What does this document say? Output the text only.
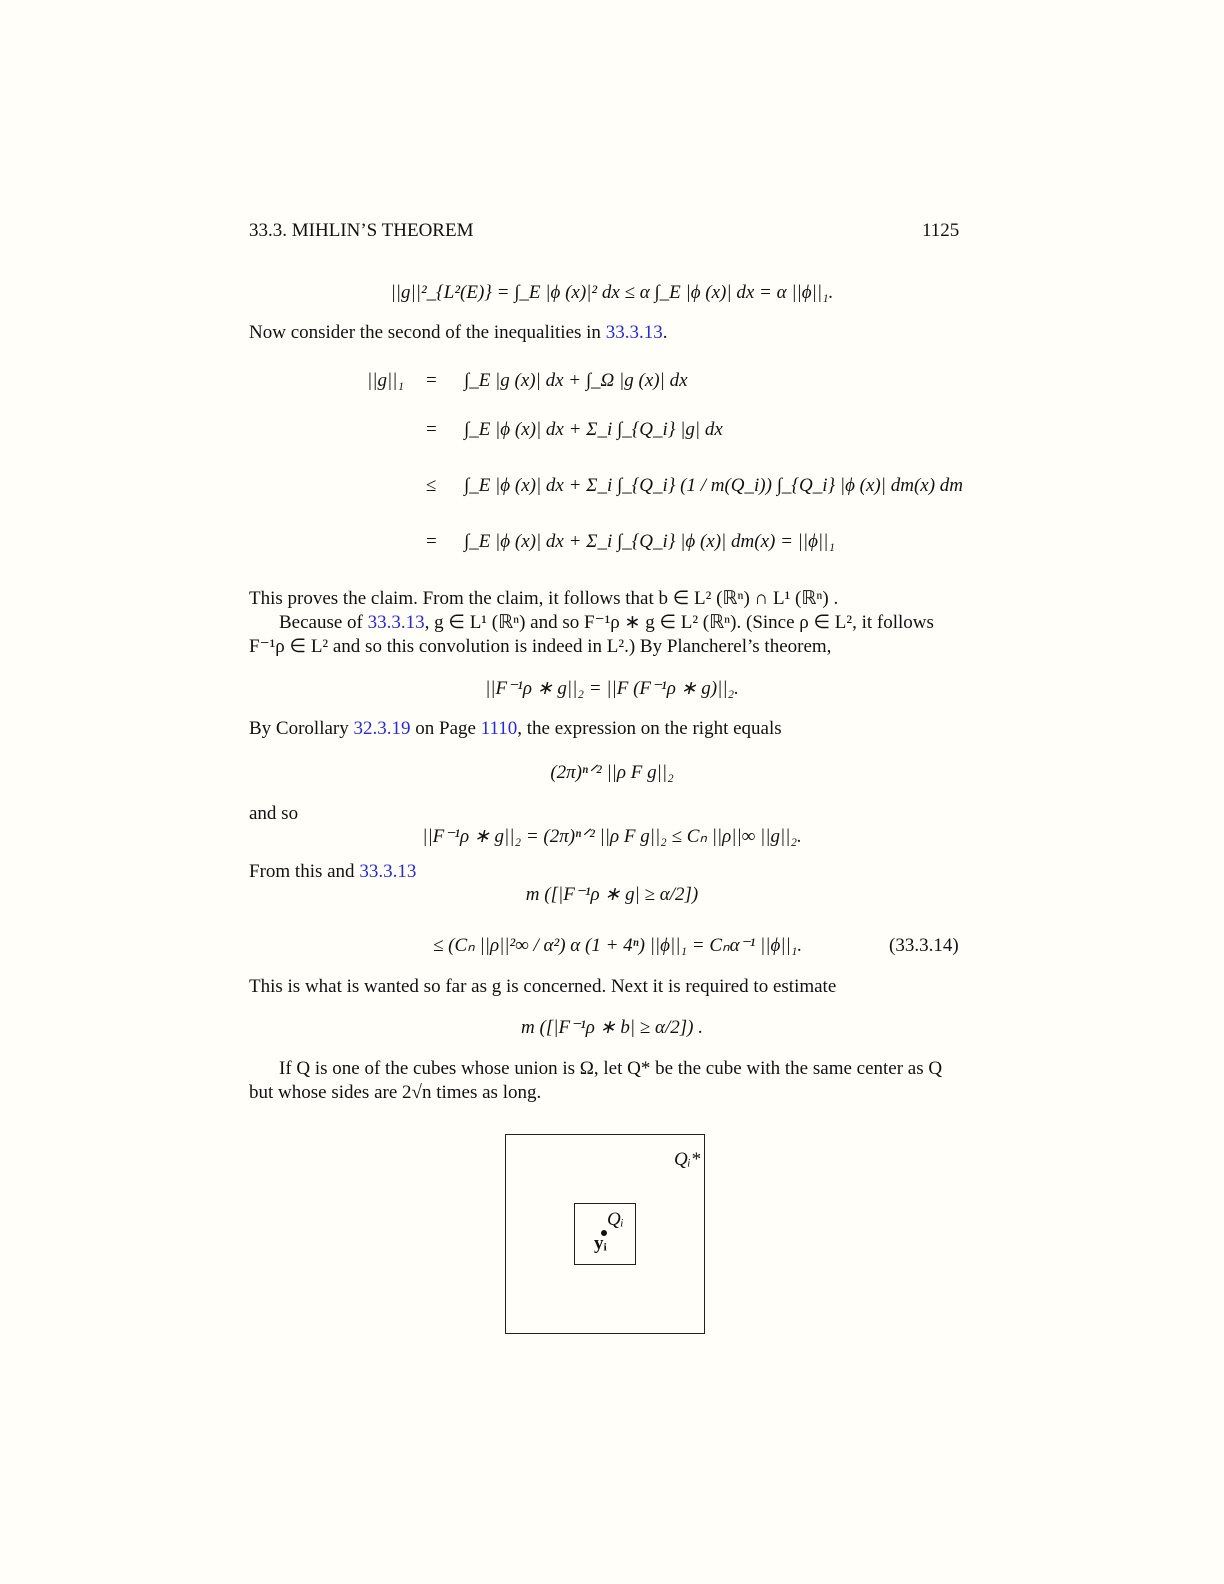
33.3. MIHLIN’S THEOREM	1125
||g||²_{L²(E)} = ∫_E |ϕ (x)|² dx ≤ α ∫_E |ϕ (x)| dx = α ||ϕ||₁.
Now consider the second of the inequalities in 33.3.13.
||g||₁ = ∫_E |g (x)| dx + ∫_Ω |g (x)| dx
= ∫_E |ϕ (x)| dx + Σ_i ∫_{Q_i} |g| dx
≤ ∫_E |ϕ (x)| dx + Σ_i ∫_{Q_i} (1 / m(Q_i)) ∫_{Q_i} |ϕ (x)| dm(x) dm
= ∫_E |ϕ (x)| dx + Σ_i ∫_{Q_i} |ϕ (x)| dm(x) = ||ϕ||₁
This proves the claim. From the claim, it follows that b ∈ L² (ℝⁿ) ∩ L¹ (ℝⁿ) .
Because of 33.3.13, g ∈ L¹ (ℝⁿ) and so F⁻¹ρ ∗ g ∈ L² (ℝⁿ). (Since ρ ∈ L², it follows
F⁻¹ρ ∈ L² and so this convolution is indeed in L².) By Plancherel’s theorem,
||F⁻¹ρ ∗ g||₂ = ||F (F⁻¹ρ ∗ g)||₂.
By Corollary 32.3.19 on Page 1110, the expression on the right equals
(2π)ⁿᐟ² ||ρ F g||₂
and so
||F⁻¹ρ ∗ g||₂ = (2π)ⁿᐟ² ||ρ F g||₂ ≤ Cₙ ||ρ||∞ ||g||₂.
From this and 33.3.13
m ([|F⁻¹ρ ∗ g| ≥ α/2])
≤ (Cₙ ||ρ||²∞ / α²) α (1 + 4ⁿ) ||ϕ||₁ = Cₙα⁻¹ ||ϕ||₁.	(33.3.14)
This is what is wanted so far as g is concerned. Next it is required to estimate
m ([|F⁻¹ρ ∗ b| ≥ α/2]) .
If Q is one of the cubes whose union is Ω, let Q* be the cube with the same center as Q
but whose sides are 2√n times as long.
Qᵢ*
Qᵢ
yᵢ
